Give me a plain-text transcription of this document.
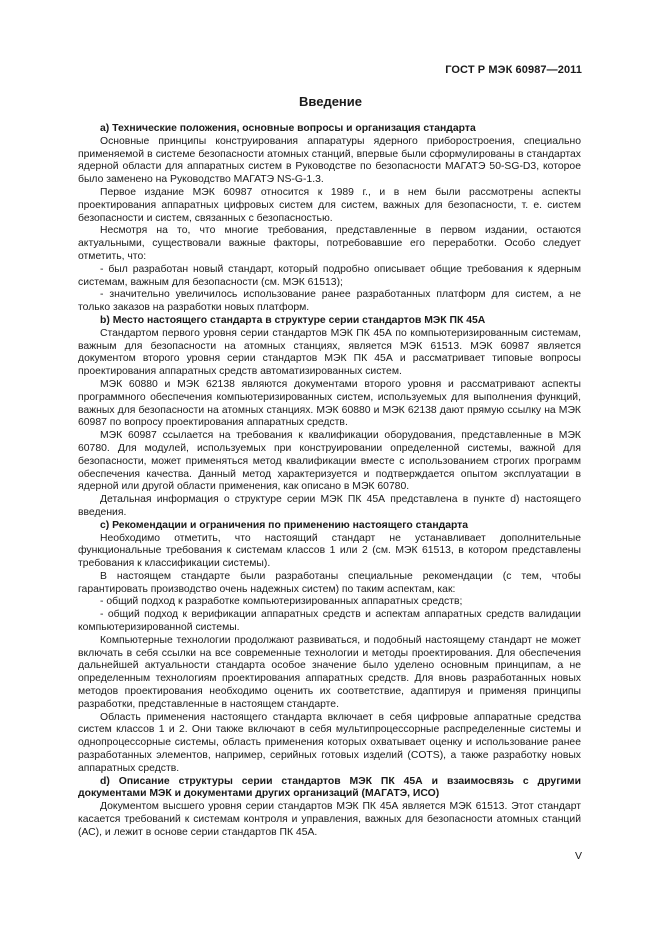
ГОСТ Р МЭК 60987—2011
Введение

a) Технические положения, основные вопросы и организация стандарта

Основные принципы конструирования аппаратуры ядерного приборостроения, специально применяемой в системе безопасности атомных станций, впервые были сформулированы в стандартах ядерной области для аппаратных систем в Руководстве по безопасности МАГАТЭ 50-SG-D3, которое было заменено на Руководство МАГАТЭ NS-G-1.3.

Первое издание МЭК 60987 относится к 1989 г., и в нем были рассмотрены аспекты проектирования аппаратных цифровых систем для систем, важных для безопасности, т. е. систем безопасности и систем, связанных с безопасностью.

Несмотря на то, что многие требования, представленные в первом издании, остаются актуальными, существовали важные факторы, потребовавшие его переработки. Особо следует отметить, что:

- был разработан новый стандарт, который подробно описывает общие требования к ядерным системам, важным для безопасности (см. МЭК 61513);

- значительно увеличилось использование ранее разработанных платформ для систем, а не только заказов на разработки новых платформ.

b) Место настоящего стандарта в структуре серии стандартов МЭК ПК 45А

Стандартом первого уровня серии стандартов МЭК ПК 45А по компьютеризированным системам, важным для безопасности на атомных станциях, является МЭК 61513. МЭК 60987 является документом второго уровня серии стандартов МЭК ПК 45А и рассматривает типовые вопросы проектирования аппаратных средств автоматизированных систем.

МЭК 60880 и МЭК 62138 являются документами второго уровня и рассматривают аспекты программного обеспечения компьютеризированных систем, используемых для выполнения функций, важных для безопасности на атомных станциях. МЭК 60880 и МЭК 62138 дают прямую ссылку на МЭК 60987 по вопросу проектирования аппаратных средств.

МЭК 60987 ссылается на требования к квалификации оборудования, представленные в МЭК 60780. Для модулей, используемых при конструировании определенной системы, важной для безопасности, может применяться метод квалификации вместе с использованием строгих программ обеспечения качества. Данный метод характеризуется и подтверждается опытом эксплуатации в ядерной или другой области применения, как описано в МЭК 60780.

Детальная информация о структуре серии МЭК ПК 45А представлена в пункте d) настоящего введения.

c) Рекомендации и ограничения по применению настоящего стандарта

Необходимо отметить, что настоящий стандарт не устанавливает дополнительные функциональные требования к системам классов 1 или 2 (см. МЭК 61513, в котором представлены требования к классификации системы).

В настоящем стандарте были разработаны специальные рекомендации (с тем, чтобы гарантировать производство очень надежных систем) по таким аспектам, как:

- общий подход к разработке компьютеризированных аппаратных средств;

- общий подход к верификации аппаратных средств и аспектам аппаратных средств валидации компьютеризированной системы.

Компьютерные технологии продолжают развиваться, и подобный настоящему стандарт не может включать в себя ссылки на все современные технологии и методы проектирования. Для обеспечения дальнейшей актуальности стандарта особое значение было уделено основным принципам, а не определенным технологиям проектирования аппаратных средств. Для вновь разработанных новых методов проектирования необходимо оценить их соответствие, адаптируя и применяя принципы разработки, представленные в настоящем стандарте.

Область применения настоящего стандарта включает в себя цифровые аппаратные средства систем классов 1 и 2. Они также включают в себя мультипроцессорные распределенные системы и однопроцессорные системы, область применения которых охватывает оценку и использование ранее разработанных элементов, например, серийных готовых изделий (COTS), а также разработку новых аппаратных средств.

d) Описание структуры серии стандартов МЭК ПК 45А и взаимосвязь с другими документами МЭК и документами других организаций (МАГАТЭ, ИСО)

Документом высшего уровня серии стандартов МЭК ПК 45А является МЭК 61513. Этот стандарт касается требований к системам контроля и управления, важных для безопасности атомных станций (АС), и лежит в основе серии стандартов ПК 45А.

V
